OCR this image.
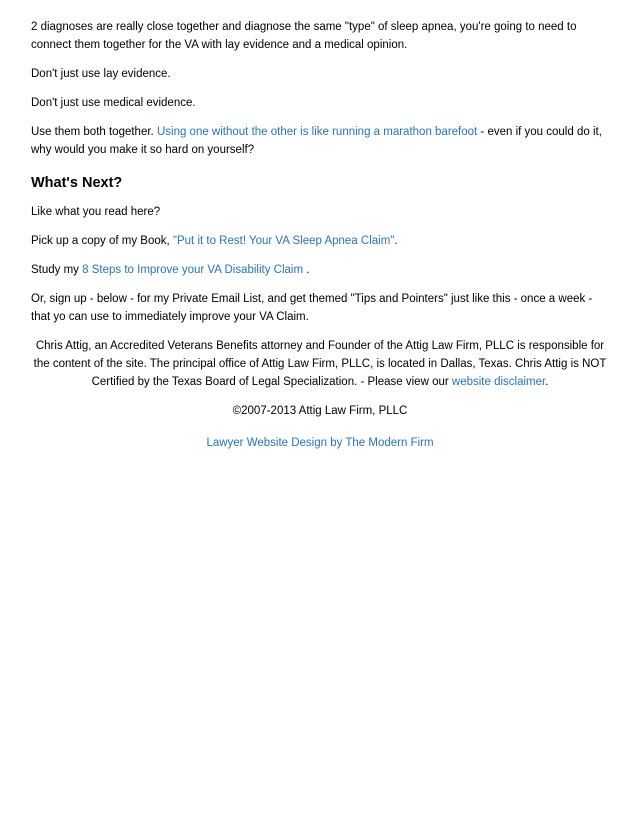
2 diagnoses are really close together and diagnose the same "type" of sleep apnea, you're going to need to connect them together for the VA with lay evidence and a medical opinion.

Don't just use lay evidence.

Don't just use medical evidence.

Use them both together. Using one without the other is like running a marathon barefoot - even if you could do it, why would you make it so hard on yourself?

What's Next?

Like what you read here?

Pick up a copy of my Book, "Put it to Rest! Your VA Sleep Apnea Claim".

Study my 8 Steps to Improve your VA Disability Claim .

Or, sign up - below - for my Private Email List, and get themed "Tips and Pointers" just like this - once a week - that yo can use to immediately improve your VA Claim.

Chris Attig, an Accredited Veterans Benefits attorney and Founder of the Attig Law Firm, PLLC is responsible for the content of the site. The principal office of Attig Law Firm, PLLC, is located in Dallas, Texas. Chris Attig is NOT Certified by the Texas Board of Legal Specialization. - Please view our website disclaimer.

©2007-2013 Attig Law Firm, PLLC

Lawyer Website Design by The Modern Firm
